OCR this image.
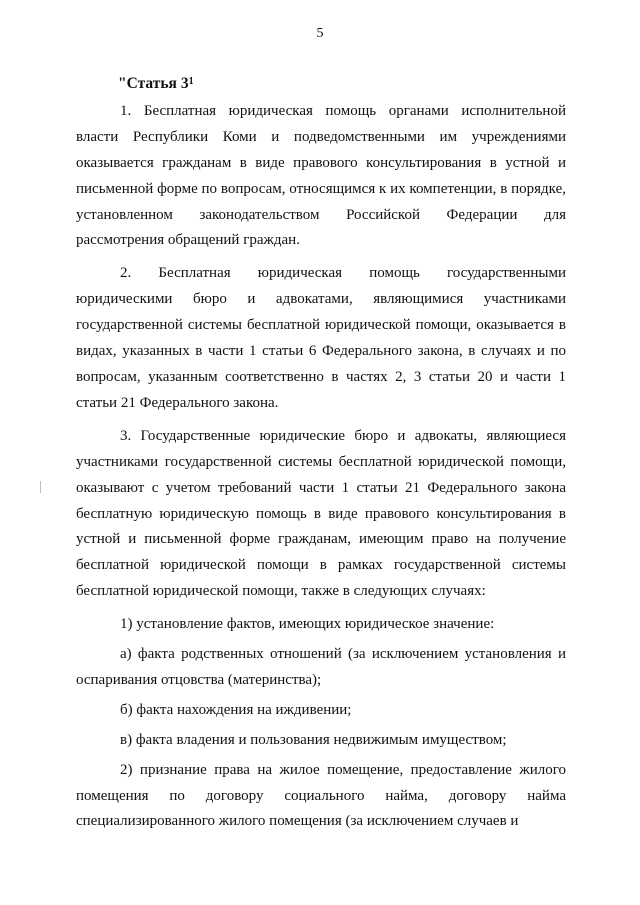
5
"Статья $3^1$

1. Бесплатная юридическая помощь органами исполнительной власти Республики Коми и подведомственными им учреждениями оказывается гражданам в виде правового консультирования в устной и письменной форме по вопросам, относящимся к их компетенции, в порядке, установленном законодательством Российской Федерации для рассмотрения обращений граждан.

2. Бесплатная юридическая помощь государственными юридическими бюро и адвокатами, являющимися участниками государственной системы бесплатной юридической помощи, оказывается в видах, указанных в части 1 статьи 6 Федерального закона, в случаях и по вопросам, указанным соответственно в частях 2, 3 статьи 20 и части 1 статьи 21 Федерального закона.

3. Государственные юридические бюро и адвокаты, являющиеся участниками государственной системы бесплатной юридической помощи, оказывают с учетом требований части 1 статьи 21 Федерального закона бесплатную юридическую помощь в виде правового консультирования в устной и письменной форме гражданам, имеющим право на получение бесплатной юридической помощи в рамках государственной системы бесплатной юридической помощи, также в следующих случаях:

1) установление фактов, имеющих юридическое значение:

а) факта родственных отношений (за исключением установления и оспаривания отцовства (материнства);

б) факта нахождения на иждивении;

в) факта владения и пользования недвижимым имуществом;

2) признание права на жилое помещение, предоставление жилого помещения по договору социального найма, договору найма специализированного жилого помещения (за исключением случаев и
